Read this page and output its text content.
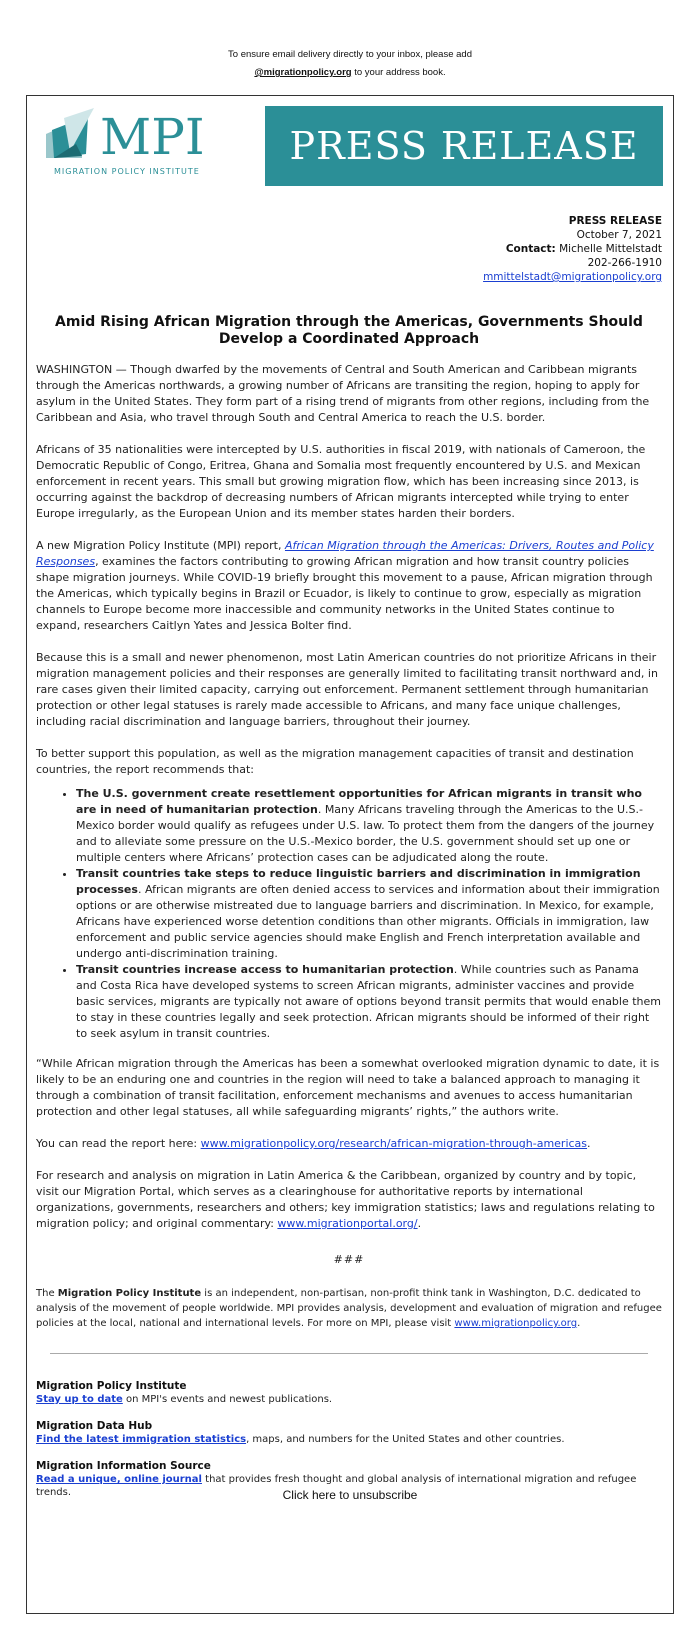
To ensure email delivery directly to your inbox, please add
@migrationpolicy.org to your address book.
MPI
MIGRATION POLICY INSTITUTE
PRESS RELEASE
PRESS RELEASE
October 7, 2021
Contact: Michelle Mittelstadt
202-266-1910
mmittelstadt@migrationpolicy.org
Amid Rising African Migration through the Americas, Governments Should Develop a Coordinated Approach

WASHINGTON — Though dwarfed by the movements of Central and South American and Caribbean migrants through the Americas northwards, a growing number of Africans are transiting the region, hoping to apply for asylum in the United States. They form part of a rising trend of migrants from other regions, including from the Caribbean and Asia, who travel through South and Central America to reach the U.S. border.

Africans of 35 nationalities were intercepted by U.S. authorities in fiscal 2019, with nationals of Cameroon, the Democratic Republic of Congo, Eritrea, Ghana and Somalia most frequently encountered by U.S. and Mexican enforcement in recent years. This small but growing migration flow, which has been increasing since 2013, is occurring against the backdrop of decreasing numbers of African migrants intercepted while trying to enter Europe irregularly, as the European Union and its member states harden their borders.

A new Migration Policy Institute (MPI) report, African Migration through the Americas: Drivers, Routes and Policy Responses, examines the factors contributing to growing African migration and how transit country policies shape migration journeys. While COVID-19 briefly brought this movement to a pause, African migration through the Americas, which typically begins in Brazil or Ecuador, is likely to continue to grow, especially as migration channels to Europe become more inaccessible and community networks in the United States continue to expand, researchers Caitlyn Yates and Jessica Bolter find.

Because this is a small and newer phenomenon, most Latin American countries do not prioritize Africans in their migration management policies and their responses are generally limited to facilitating transit northward and, in rare cases given their limited capacity, carrying out enforcement. Permanent settlement through humanitarian protection or other legal statuses is rarely made accessible to Africans, and many face unique challenges, including racial discrimination and language barriers, throughout their journey.

To better support this population, as well as the migration management capacities of transit and destination countries, the report recommends that:

• The U.S. government create resettlement opportunities for African migrants in transit who are in need of humanitarian protection. Many Africans traveling through the Americas to the U.S.-Mexico border would qualify as refugees under U.S. law. To protect them from the dangers of the journey and to alleviate some pressure on the U.S.-Mexico border, the U.S. government should set up one or multiple centers where Africans’ protection cases can be adjudicated along the route.
• Transit countries take steps to reduce linguistic barriers and discrimination in immigration processes. African migrants are often denied access to services and information about their immigration options or are otherwise mistreated due to language barriers and discrimination. In Mexico, for example, Africans have experienced worse detention conditions than other migrants. Officials in immigration, law enforcement and public service agencies should make English and French interpretation available and undergo anti-discrimination training.
• Transit countries increase access to humanitarian protection. While countries such as Panama and Costa Rica have developed systems to screen African migrants, administer vaccines and provide basic services, migrants are typically not aware of options beyond transit permits that would enable them to stay in these countries legally and seek protection. African migrants should be informed of their right to seek asylum in transit countries.

“While African migration through the Americas has been a somewhat overlooked migration dynamic to date, it is likely to be an enduring one and countries in the region will need to take a balanced approach to managing it through a combination of transit facilitation, enforcement mechanisms and avenues to access humanitarian protection and other legal statuses, all while safeguarding migrants’ rights,” the authors write.

You can read the report here: www.migrationpolicy.org/research/african-migration-through-americas.

For research and analysis on migration in Latin America & the Caribbean, organized by country and by topic, visit our Migration Portal, which serves as a clearinghouse for authoritative reports by international organizations, governments, researchers and others; key immigration statistics; laws and regulations relating to migration policy; and original commentary: www.migrationportal.org/.

###
The Migration Policy Institute is an independent, non-partisan, non-profit think tank in Washington, D.C. dedicated to analysis of the movement of people worldwide. MPI provides analysis, development and evaluation of migration and refugee policies at the local, national and international levels. For more on MPI, please visit www.migrationpolicy.org.
Migration Policy Institute
Stay up to date on MPI's events and newest publications.
Migration Data Hub
Find the latest immigration statistics, maps, and numbers for the United States and other countries.
Migration Information Source
Read a unique, online journal that provides fresh thought and global analysis of international migration and refugee trends.	Click here to unsubscribe
